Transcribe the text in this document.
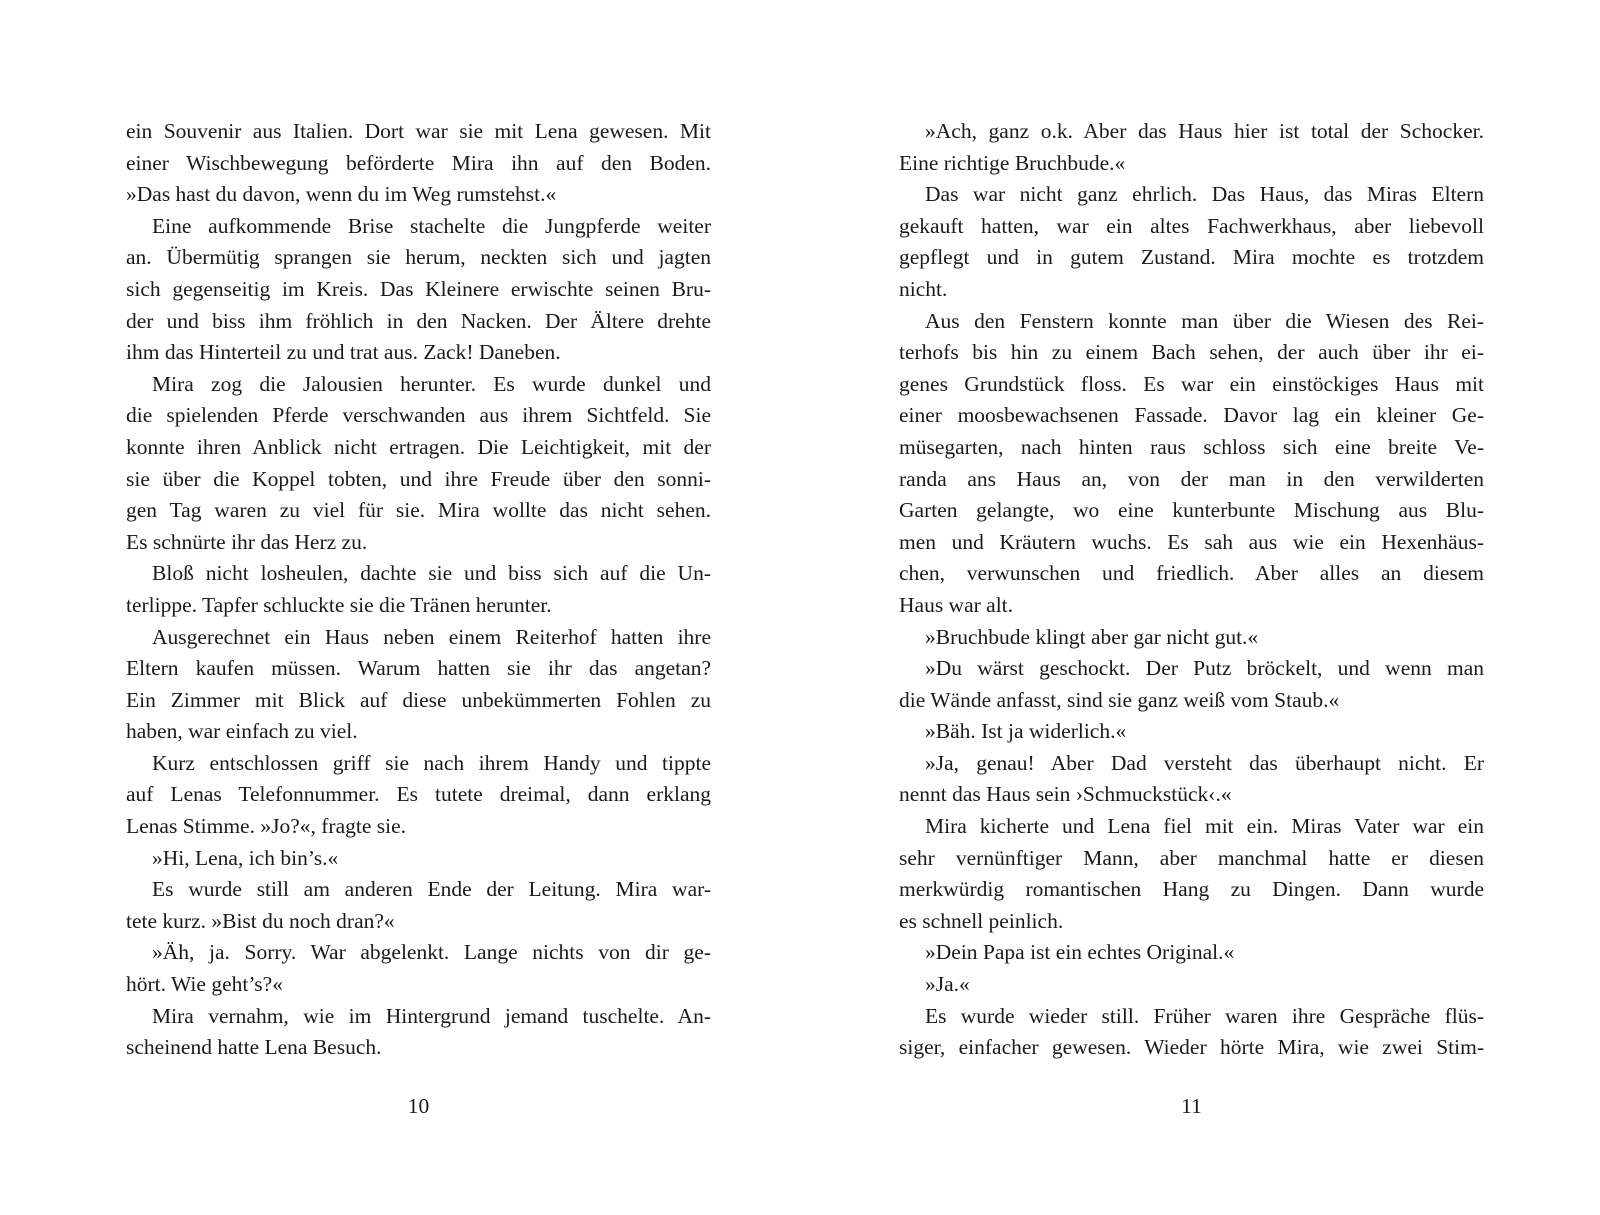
ein Souvenir aus Italien. Dort war sie mit Lena gewesen. Mit
einer Wischbewegung beförderte Mira ihn auf den Boden.
»Das hast du davon, wenn du im Weg rumstehst.«
Eine aufkommende Brise stachelte die Jungpferde weiter
an. Übermütig sprangen sie herum, neckten sich und jagten
sich gegenseitig im Kreis. Das Kleinere erwischte seinen Bru-
der und biss ihm fröhlich in den Nacken. Der Ältere drehte
ihm das Hinterteil zu und trat aus. Zack! Daneben.
Mira zog die Jalousien herunter. Es wurde dunkel und
die spielenden Pferde verschwanden aus ihrem Sichtfeld. Sie
konnte ihren Anblick nicht ertragen. Die Leichtigkeit, mit der
sie über die Koppel tobten, und ihre Freude über den sonni-
gen Tag waren zu viel für sie. Mira wollte das nicht sehen.
Es schnürte ihr das Herz zu.
Bloß nicht losheulen, dachte sie und biss sich auf die Un-
terlippe. Tapfer schluckte sie die Tränen herunter.
Ausgerechnet ein Haus neben einem Reiterhof hatten ihre
Eltern kaufen müssen. Warum hatten sie ihr das angetan?
Ein Zimmer mit Blick auf diese unbekümmerten Fohlen zu
haben, war einfach zu viel.
Kurz entschlossen griff sie nach ihrem Handy und tippte
auf Lenas Telefonnummer. Es tutete dreimal, dann erklang
Lenas Stimme. »Jo?«, fragte sie.
»Hi, Lena, ich bin’s.«
Es wurde still am anderen Ende der Leitung. Mira war-
tete kurz. »Bist du noch dran?«
»Äh, ja. Sorry. War abgelenkt. Lange nichts von dir ge-
hört. Wie geht’s?«
Mira vernahm, wie im Hintergrund jemand tuschelte. An-
scheinend hatte Lena Besuch.
»Ach, ganz o.k. Aber das Haus hier ist total der Schocker.
Eine richtige Bruchbude.«
Das war nicht ganz ehrlich. Das Haus, das Miras Eltern
gekauft hatten, war ein altes Fachwerkhaus, aber liebevoll
gepflegt und in gutem Zustand. Mira mochte es trotzdem
nicht.
Aus den Fenstern konnte man über die Wiesen des Rei-
terhofs bis hin zu einem Bach sehen, der auch über ihr ei-
genes Grundstück floss. Es war ein einstöckiges Haus mit
einer moosbewachsenen Fassade. Davor lag ein kleiner Ge-
müsegarten, nach hinten raus schloss sich eine breite Ve-
randa ans Haus an, von der man in den verwilderten
Garten gelangte, wo eine kunterbunte Mischung aus Blu-
men und Kräutern wuchs. Es sah aus wie ein Hexenhäus-
chen, verwunschen und friedlich. Aber alles an diesem
Haus war alt.
»Bruchbude klingt aber gar nicht gut.«
»Du wärst geschockt. Der Putz bröckelt, und wenn man
die Wände anfasst, sind sie ganz weiß vom Staub.«
»Bäh. Ist ja widerlich.«
»Ja, genau! Aber Dad versteht das überhaupt nicht. Er
nennt das Haus sein ›Schmuckstück‹.«
Mira kicherte und Lena fiel mit ein. Miras Vater war ein
sehr vernünftiger Mann, aber manchmal hatte er diesen
merkwürdig romantischen Hang zu Dingen. Dann wurde
es schnell peinlich.
»Dein Papa ist ein echtes Original.«
»Ja.«
Es wurde wieder still. Früher waren ihre Gespräche flüs-
siger, einfacher gewesen. Wieder hörte Mira, wie zwei Stim-
10	11
